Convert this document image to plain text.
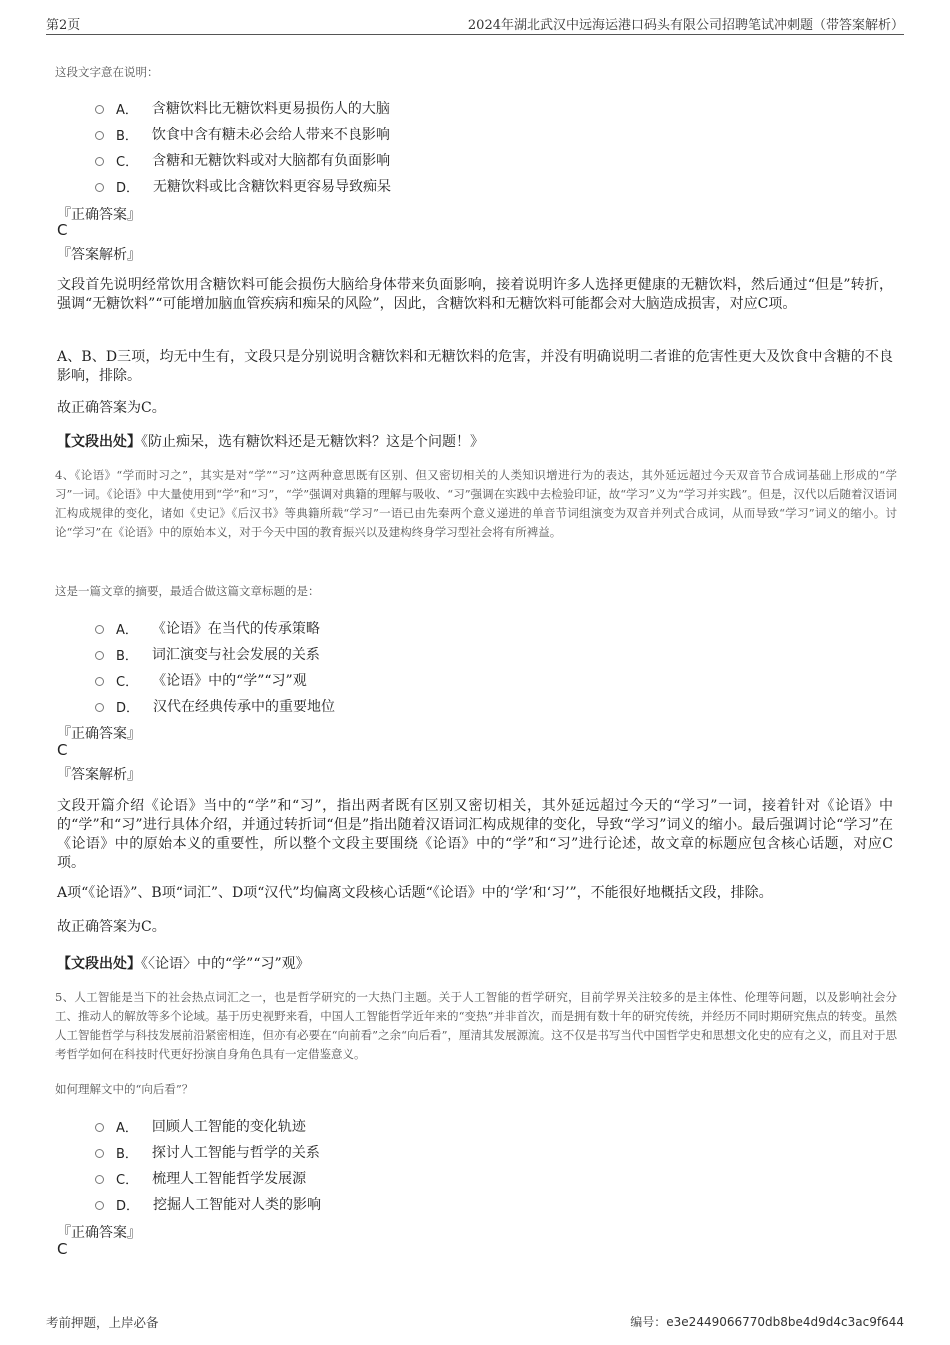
第2页	2024年湖北武汉中远海运港口码头有限公司招聘笔试冲刺题（带答案解析）
这段文字意在说明：
A． 含糖饮料比无糖饮料更易损伤人的大脑
B． 饮食中含有糖未必会给人带来不良影响
C． 含糖和无糖饮料或对大脑都有负面影响
D． 无糖饮料或比含糖饮料更容易导致痴呆
『正确答案』
C
『答案解析』
文段首先说明经常饮用含糖饮料可能会损伤大脑给身体带来负面影响，接着说明许多人选择更健康的无糖饮料，然后通过“但是”转折，强调“无糖饮料”“可能增加脑血管疾病和痴呆的风险”，因此，含糖饮料和无糖饮料可能都会对大脑造成损害，对应C项。
A、B、D三项，均无中生有，文段只是分别说明含糖饮料和无糖饮料的危害，并没有明确说明二者谁的危害性更大及饮食中含糖的不良影响，排除。
故正确答案为C。
【文段出处】《防止痴呆，选有糖饮料还是无糖饮料？这是个问题！》
4、《论语》“学而时习之”，其实是对“学”“习”这两种意思既有区别、但又密切相关的人类知识增进行为的表达，其外延远超过今天双音节合成词基础上形成的“学习”一词。《论语》中大量使用到“学”和“习”，“学”强调对典籍的理解与吸收、“习”强调在实践中去检验印证，故“学习”义为“学习并实践”。但是，汉代以后随着汉语词汇构成规律的变化，诸如《史记》《后汉书》等典籍所载“学习”一语已由先秦两个意义递进的单音节词组演变为双音并列式合成词，从而导致“学习”词义的缩小。讨论“学习”在《论语》中的原始本义，对于今天中国的教育振兴以及建构终身学习型社会将有所裨益。
这是一篇文章的摘要，最适合做这篇文章标题的是：
A． 《论语》在当代的传承策略
B． 词汇演变与社会发展的关系
C． 《论语》中的“学”“习”观
D． 汉代在经典传承中的重要地位
『正确答案』
C
『答案解析』
文段开篇介绍《论语》当中的“学”和“习”，指出两者既有区别又密切相关，其外延远超过今天的“学习”一词，接着针对《论语》中的“学”和“习”进行具体介绍，并通过转折词“但是”指出随着汉语词汇构成规律的变化，导致“学习”词义的缩小。最后强调讨论“学习”在《论语》中的原始本义的重要性，所以整个文段主要围绕《论语》中的“学”和“习”进行论述，故文章的标题应包含核心话题，对应C项。
A项“《论语》”、B项“词汇”、D项“汉代”均偏离文段核心话题“《论语》中的‘学’和‘习’”，不能很好地概括文段，排除。
故正确答案为C。
【文段出处】《〈论语〉中的“学”“习”观》
5、人工智能是当下的社会热点词汇之一，也是哲学研究的一大热门主题。关于人工智能的哲学研究，目前学界关注较多的是主体性、伦理等问题，以及影响社会分工、推动人的解放等多个论域。基于历史视野来看，中国人工智能哲学近年来的“变热”并非首次，而是拥有数十年的研究传统，并经历不同时期研究焦点的转变。虽然人工智能哲学与科技发展前沿紧密相连，但亦有必要在“向前看”之余“向后看”，厘清其发展源流。这不仅是书写当代中国哲学史和思想文化史的应有之义，而且对于思考哲学如何在科技时代更好扮演自身角色具有一定借鉴意义。
如何理解文中的“向后看”？
A． 回顾人工智能的变化轨迹
B． 探讨人工智能与哲学的关系
C． 梳理人工智能哲学发展源
D． 挖掘人工智能对人类的影响
『正确答案』
C
考前押题，上岸必备	编号：e3e2449066770db8be4d9d4c3ac9f644
